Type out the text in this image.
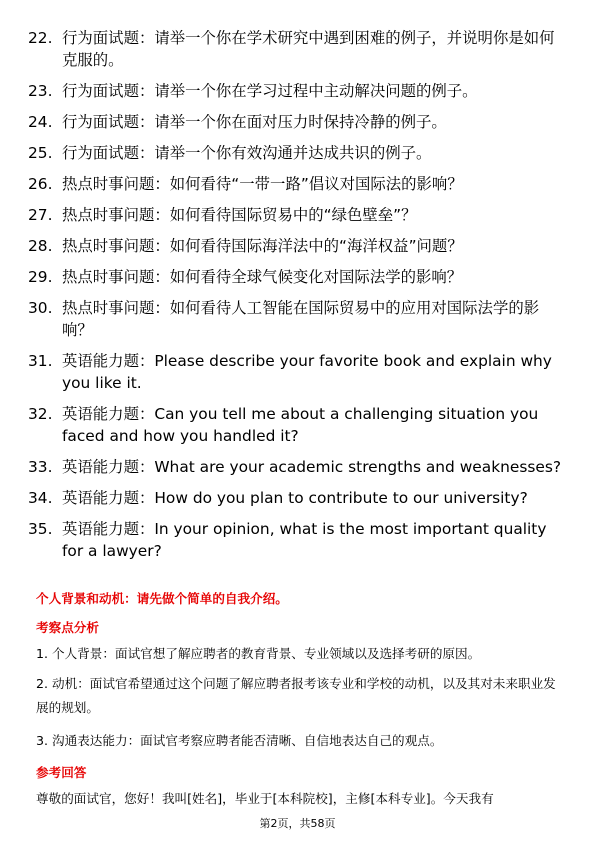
22. 行为面试题：请举一个你在学术研究中遇到困难的例子，并说明你是如何克服的。
23. 行为面试题：请举一个你在学习过程中主动解决问题的例子。
24. 行为面试题：请举一个你在面对压力时保持冷静的例子。
25. 行为面试题：请举一个你有效沟通并达成共识的例子。
26. 热点时事问题：如何看待“一带一路”倡议对国际法的影响？
27. 热点时事问题：如何看待国际贸易中的“绿色壁垒”？
28. 热点时事问题：如何看待国际海洋法中的“海洋权益”问题？
29. 热点时事问题：如何看待全球气候变化对国际法学的影响？
30. 热点时事问题：如何看待人工智能在国际贸易中的应用对国际法学的影响？
31. 英语能力题：Please describe your favorite book and explain why you like it.
32. 英语能力题：Can you tell me about a challenging situation you faced and how you handled it?
33. 英语能力题：What are your academic strengths and weaknesses?
34. 英语能力题：How do you plan to contribute to our university?
35. 英语能力题：In your opinion, what is the most important quality for a lawyer?
个人背景和动机：请先做个简单的自我介绍。
考察点分析
1. 个人背景：面试官想了解应聘者的教育背景、专业领域以及选择考研的原因。
2. 动机：面试官希望通过这个问题了解应聘者报考该专业和学校的动机，以及其对未来职业发展的规划。
3. 沟通表达能力：面试官考察应聘者能否清晰、自信地表达自己的观点。
参考回答
尊敬的面试官，您好！我叫[姓名]，毕业于[本科院校]，主修[本科专业]。今天我有
第2页，共58页
